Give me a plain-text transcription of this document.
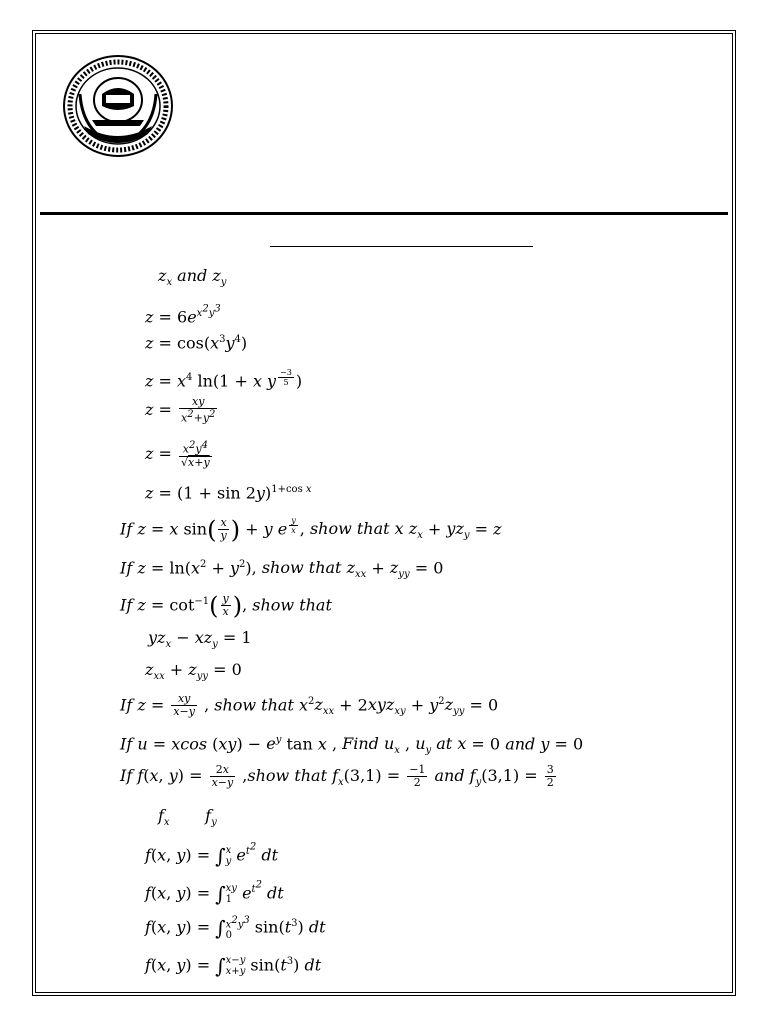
$z_x$ and $z_y$
$z = 6e^{x^2y^3}$
$z = \cos(x^3y^4)$
$z = x^4$ ln(1 + x y $^{\frac{-3}{5}}$ )
$z = \frac{xy}{x^2+y^2}$
$z = \frac{x^2y^4}{√x+y}$
$z = (1 + \sin 2y)^{1+cos x}$
If z = x $\sin( \frac{x}{y}$ ) + y e $^{\frac{y}{x}}$ , show that x $z_x + yz_y = z$
If $z = \ln(x^2 + y^2)$, show that $z_{xx} + z_{yy} = 0$
If $z = \cot^{-1}( \frac{y}{x}$ ), show that
$yz_x - xz_y = 1$
$z_{xx} + z_{yy} = 0$
If $z = \frac{xy}{x-y}$ , show that $x^2z_{xx} + 2xyz_{xy} + y^2z_{yy} = 0$
If u = xcos $(xy) - e^y$ tan x , Find $u_x$ , $u_y$ at x = 0 and y = 0
If f(x, $y) = \frac{2x}{x-y}$ ,show that $f_x(3,1) = \frac{-1}{2}$ and $f_y(3,1) = \frac{3}{2}$
$f_x$ $f_y$
f(x, y) = ∫ x
y $e^{t^2}$ dt
f(x, y) = ∫ xy
1 $e^{t^2}$ dt
f(x, y) = ∫ $x^2y^3$
0	$\sin(t^3)$ dt
f(x, y) = ∫ x−y
x+y $\sin(t^3)$ dt
